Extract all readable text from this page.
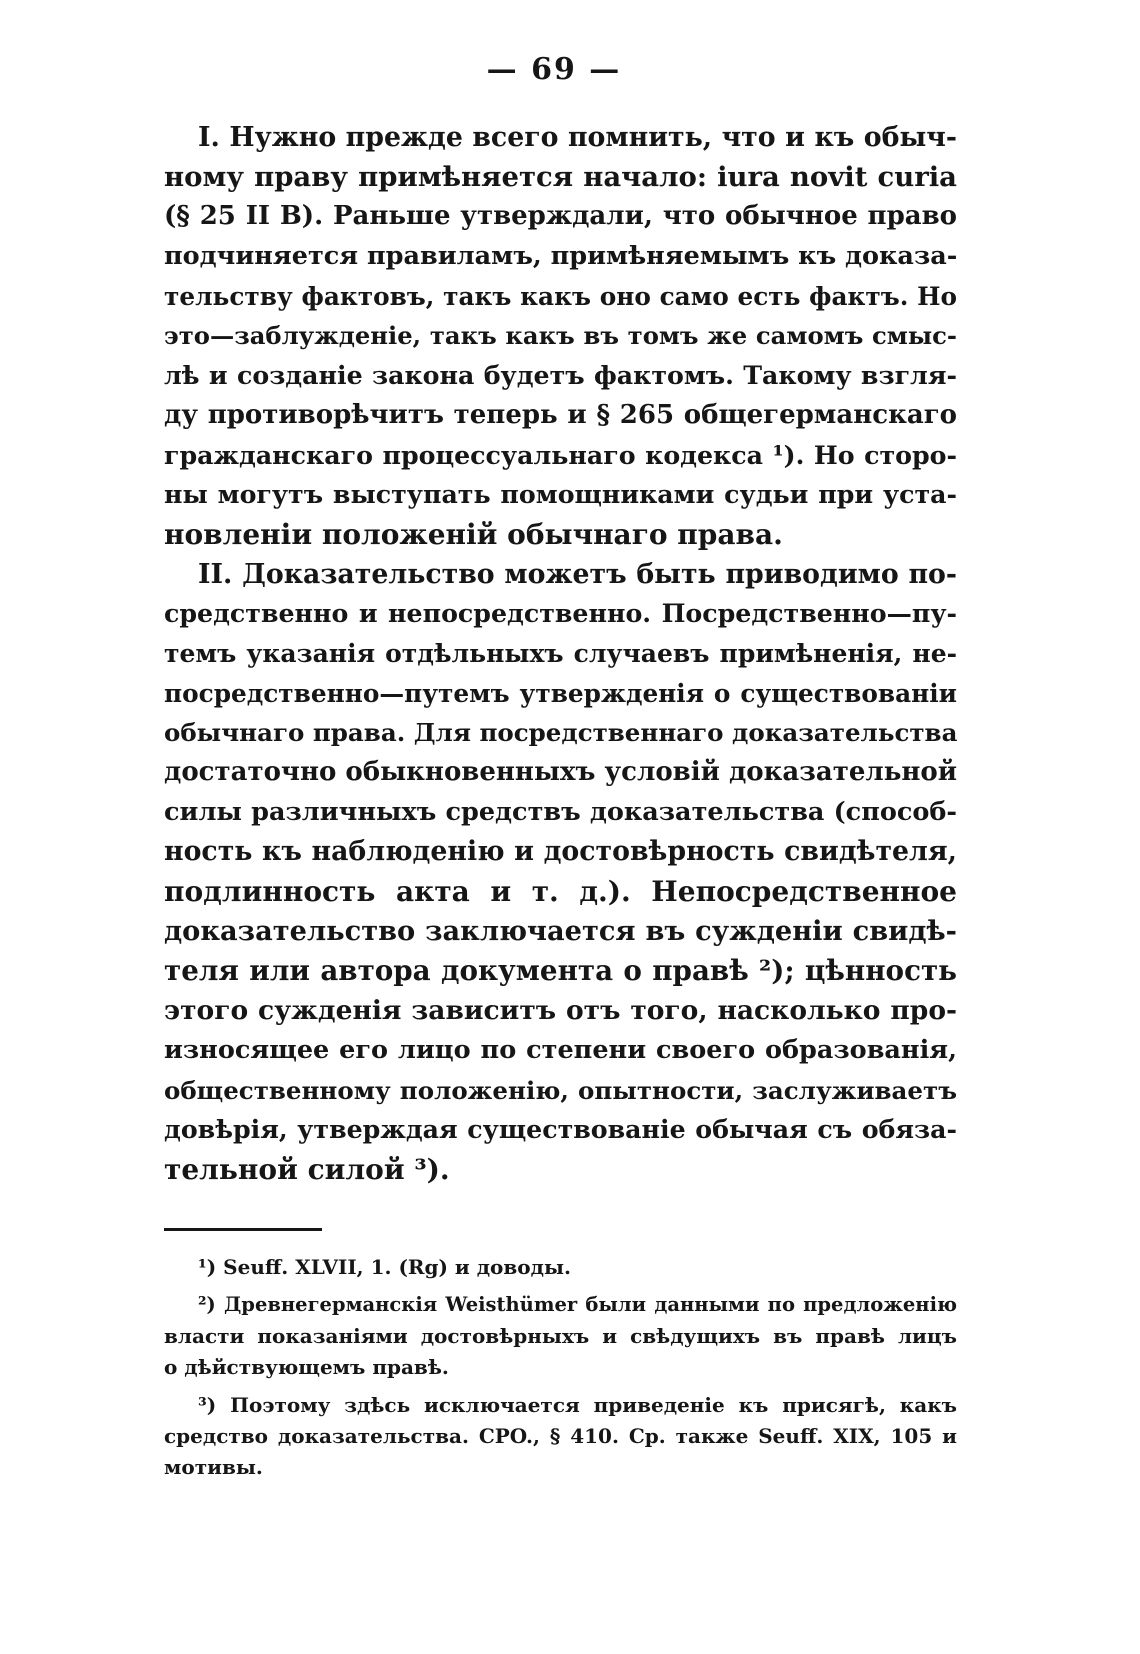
— 69 —
I. Нужно прежде всего помнить, что и къ обыч-
ному праву примѣняется начало: iura novit curia
(§ 25 II B). Раньше утверждали, что обычное право
подчиняется правиламъ, примѣняемымъ къ доказа-
тельству фактовъ, такъ какъ оно само есть фактъ. Но
это—заблужденіе, такъ какъ въ томъ же самомъ смыс-
лѣ и созданіе закона будетъ фактомъ. Такому взгля-
ду противорѣчитъ теперь и § 265 общегерманскаго
гражданскаго процессуальнаго кодекса ¹). Но сторо-
ны могутъ выступать помощниками судьи при уста-
новленіи положеній обычнаго права.
II. Доказательство можетъ быть приводимо по-
средственно и непосредственно. Посредственно—пу-
темъ указанія отдѣльныхъ случаевъ примѣненія, не-
посредственно—путемъ утвержденія о существованіи
обычнаго права. Для посредственнаго доказательства
достаточно обыкновенныхъ условій доказательной
силы различныхъ средствъ доказательства (способ-
ность къ наблюденію и достовѣрность свидѣтеля,
подлинность акта и т. д.). Непосредственное
доказательство заключается въ сужденіи свидѣ-
теля или автора документа о правѣ ²); цѣнность
этого сужденія зависитъ отъ того, насколько про-
износящее его лицо по степени своего образованія,
общественному положенію, опытности, заслуживаетъ
довѣрія, утверждая существованіе обычая съ обяза-
тельной силой ³).
¹) Seuff. XLVII, 1. (Rg) и доводы.
²) Древнегерманскія Weisthümer были данными по предложенію
власти показаніями достовѣрныхъ и свѣдущихъ въ правѣ лицъ
о дѣйствующемъ правѣ.
³) Поэтому здѣсь исключается приведеніе къ присягѣ, какъ
средство доказательства. CPO., § 410. Ср. также Seuff. XIX, 105 и
мотивы.
